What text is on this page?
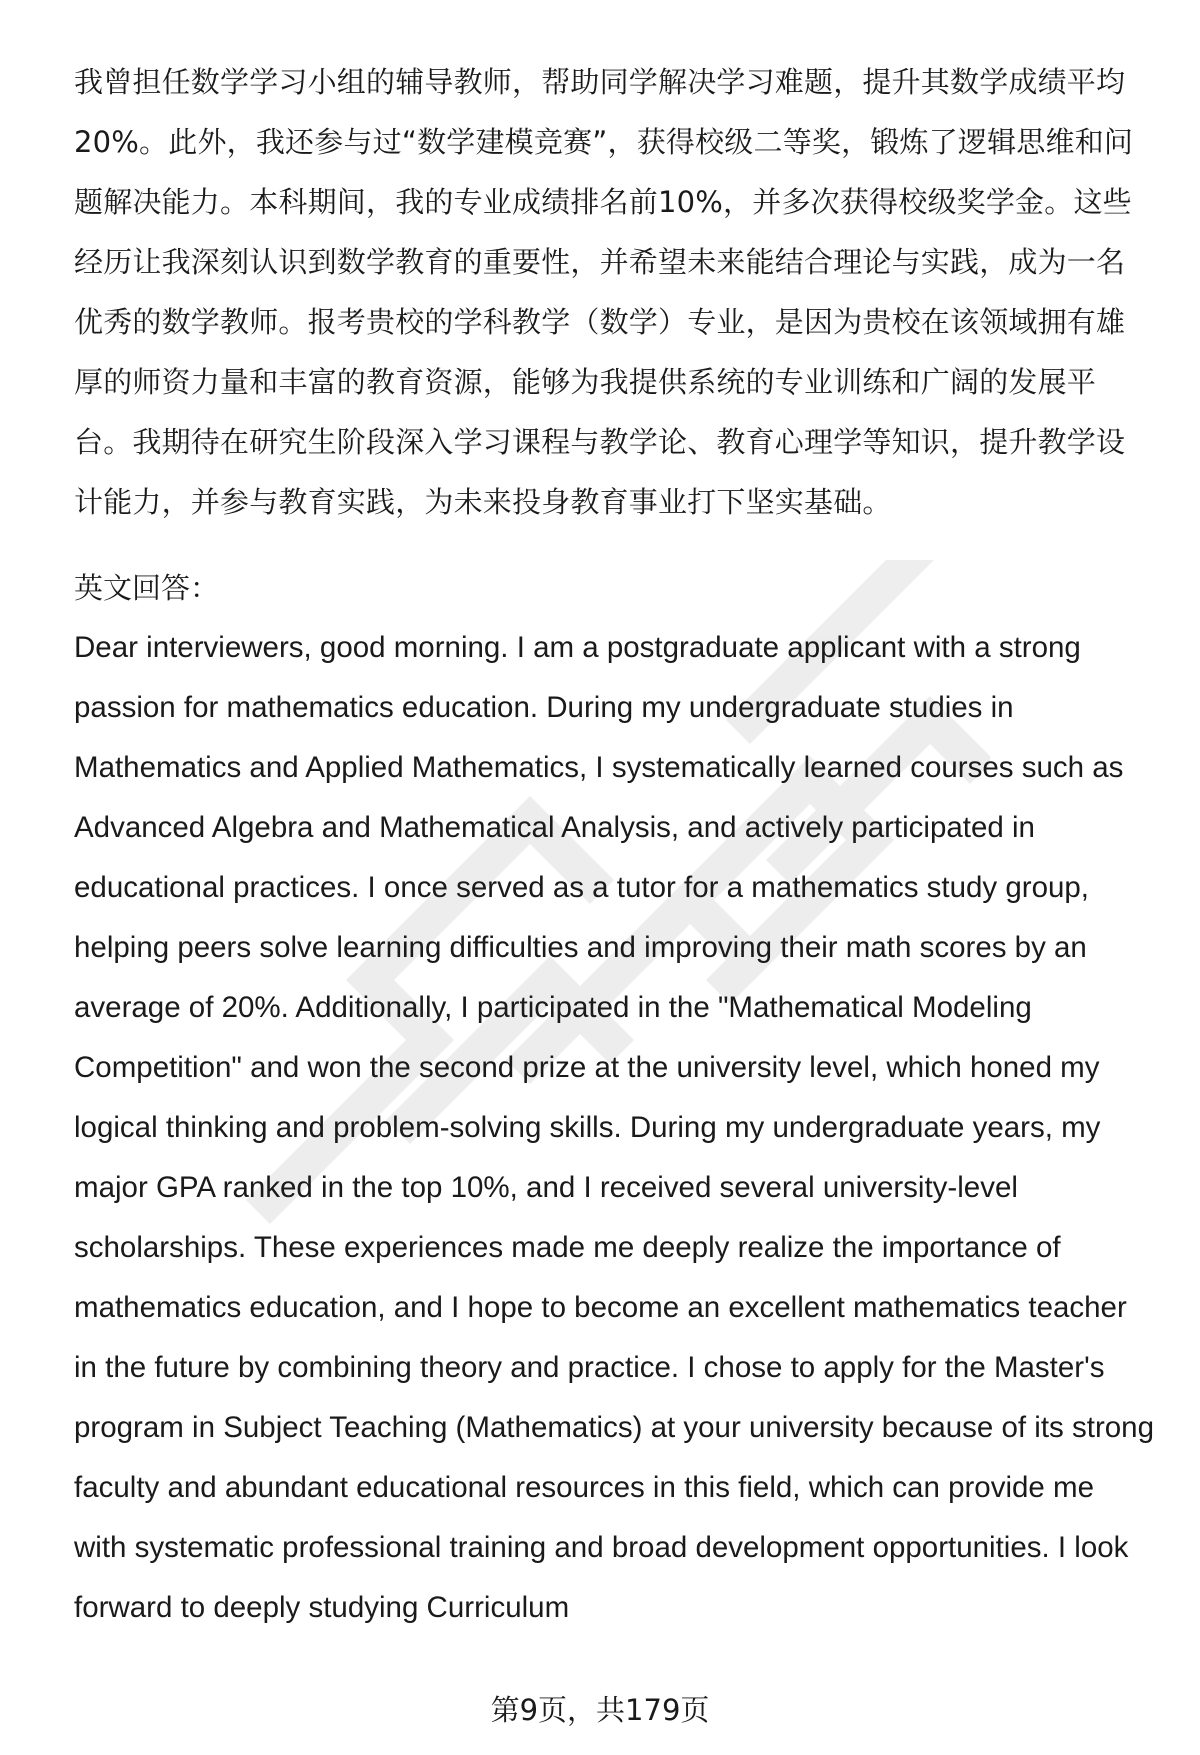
我曾担任数学学习小组的辅导教师，帮助同学解决学习难题，提升其数学成绩平均20%。此外，我还参与过“数学建模竞赛”，获得校级二等奖，锻炼了逻辑思维和问题解决能力。本科期间，我的专业成绩排名前10%，并多次获得校级奖学金。这些经历让我深刻认识到数学教育的重要性，并希望未来能结合理论与实践，成为一名优秀的数学教师。报考贵校的学科教学（数学）专业，是因为贵校在该领域拥有雄厚的师资力量和丰富的教育资源，能够为我提供系统的专业训练和广阔的发展平台。我期待在研究生阶段深入学习课程与教学论、教育心理学等知识，提升教学设计能力，并参与教育实践，为未来投身教育事业打下坚实基础。

英文回答：

Dear interviewers, good morning. I am a postgraduate applicant with a strong passion for mathematics education. During my undergraduate studies in Mathematics and Applied Mathematics, I systematically learned courses such as Advanced Algebra and Mathematical Analysis, and actively participated in educational practices. I once served as a tutor for a mathematics study group, helping peers solve learning difficulties and improving their math scores by an average of 20%. Additionally, I participated in the "Mathematical Modeling Competition" and won the second prize at the university level, which honed my logical thinking and problem-solving skills. During my undergraduate years, my major GPA ranked in the top 10%, and I received several university-level scholarships. These experiences made me deeply realize the importance of mathematics education, and I hope to become an excellent mathematics teacher in the future by combining theory and practice. I chose to apply for the Master's program in Subject Teaching (Mathematics) at your university because of its strong faculty and abundant educational resources in this field, which can provide me with systematic professional training and broad development opportunities. I look forward to deeply studying Curriculum

第9页，共179页
